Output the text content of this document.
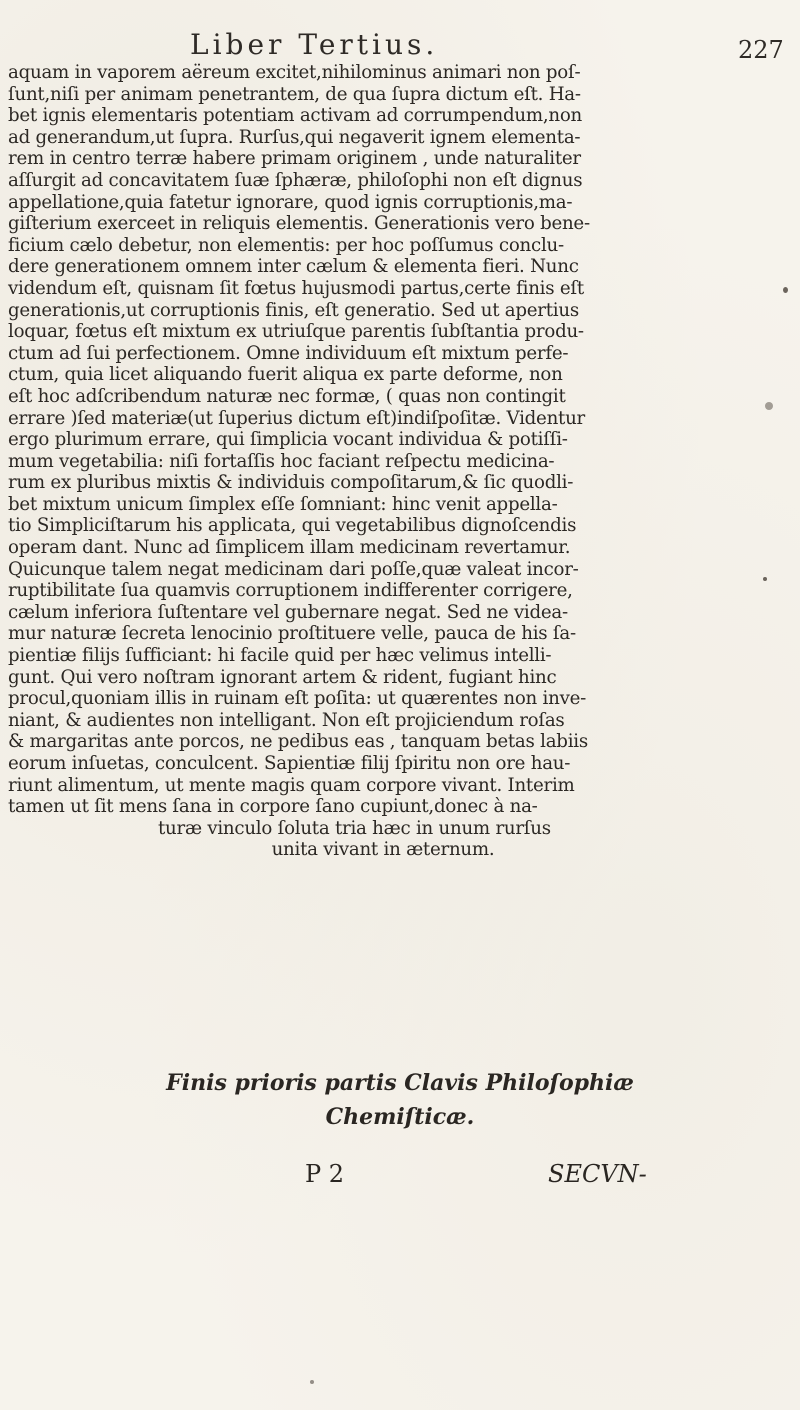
Liber Tertius.	227
aquam in vaporem aëreum excitet,nihilominus animari non poſ-
ſunt,niſi per animam penetrantem, de qua ſupra dictum eſt. Ha-
bet ignis elementaris potentiam activam ad corrumpendum,non
ad generandum,ut ſupra. Rurſus,qui negaverit ignem elementa-
rem in centro terræ habere primam originem , unde naturaliter
aſſurgit ad concavitatem ſuæ ſphæræ, philoſophi non eſt dignus
appellatione,quia fatetur ignorare, quod ignis corruptionis,ma-
giſterium exerceet in reliquis elementis. Generationis vero bene-
ficium cælo debetur, non elementis: per hoc poſſumus conclu-
dere generationem omnem inter cælum & elementa fieri. Nunc
videndum eſt, quisnam ſit fœtus hujusmodi partus,certe finis eſt
generationis,ut corruptionis finis, eſt generatio. Sed ut apertius
loquar, fœtus eſt mixtum ex utriuſque parentis ſubſtantia produ-
ctum ad ſui perfectionem. Omne individuum eſt mixtum perfe-
ctum, quia licet aliquando fuerit aliqua ex parte deforme, non
eſt hoc adſcribendum naturæ nec formæ, ( quas non contingit
errare )ſed materiæ(ut ſuperius dictum eſt)indiſpoſitæ. Videntur
ergo plurimum errare, qui ſimplicia vocant individua & potiſſi-
mum vegetabilia: niſi fortaſſis hoc faciant reſpectu medicina-
rum ex pluribus mixtis & individuis compoſitarum,& ſic quodli-
bet mixtum unicum ſimplex eſſe ſomniant: hinc venit appella-
tio Simpliciſtarum his applicata, qui vegetabilibus dignoſcendis
operam dant. Nunc ad ſimplicem illam medicinam revertamur.
Quicunque talem negat medicinam dari poſſe,quæ valeat incor-
ruptibilitate ſua quamvis corruptionem indifferenter corrigere,
cælum inferiora ſuſtentare vel gubernare negat. Sed ne videa-
mur naturæ ſecreta lenocinio proſtituere velle, pauca de his ſa-
pientiæ filijs ſufficiant: hi facile quid per hæc velimus intelli-
gunt. Qui vero noſtram ignorant artem & rident, fugiant hinc
procul,quoniam illis in ruinam eſt poſita: ut quærentes non inve-
niant, & audientes non intelligant. Non eſt projiciendum roſas
& margaritas ante porcos, ne pedibus eas , tanquam betas labiis
eorum inſuetas, conculcent. Sapientiæ filij ſpiritu non ore hau-
riunt alimentum, ut mente magis quam corpore vivant. Interim
tamen ut ſit mens ſana in corpore ſano cupiunt,donec à na-
turæ vinculo ſoluta tria hæc in unum rurſus
unita vivant in æternum.
Finis prioris partis Clavis Philoſophiæ
Chemiſticæ.
P 2	SECVN-
